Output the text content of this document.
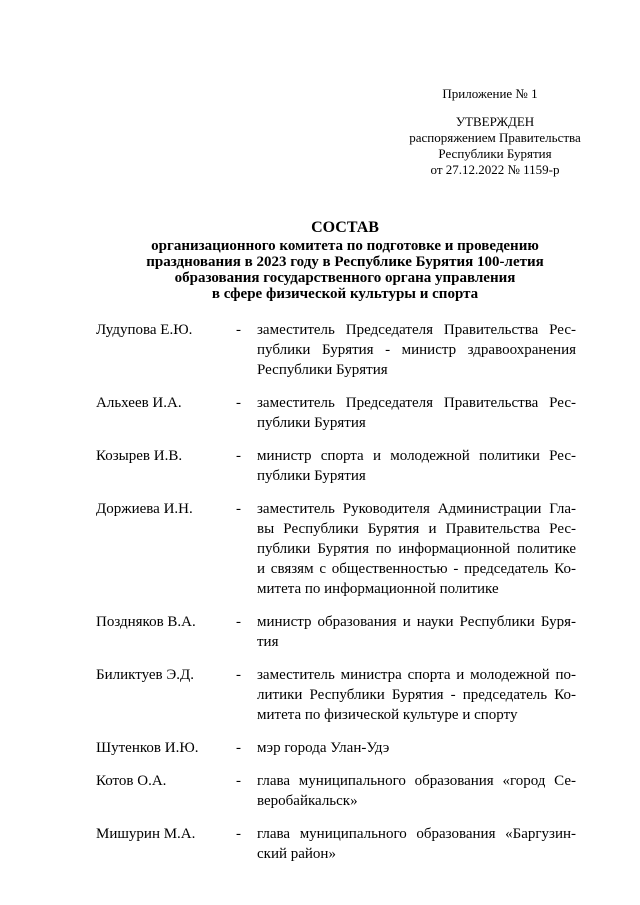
Приложение № 1
УТВЕРЖДЕН
распоряжением Правительства
Республики Бурятия
от 27.12.2022 № 1159-р
СОСТАВ
организационного комитета по подготовке и проведению
празднования в 2023 году в Республике Бурятия 100-летия
образования государственного органа управления
в сфере физической культуры и спорта
Лудупова Е.Ю.	-	заместитель Председателя Правительства Рес-
публики Бурятия - министр здравоохранения
Республики Бурятия
Альхеев И.А.	-	заместитель Председателя Правительства Рес-
публики Бурятия
Козырев И.В.	-	министр спорта и молодежной политики Рес-
публики Бурятия
Доржиева И.Н.	-	заместитель Руководителя Администрации Гла-
вы Республики Бурятия и Правительства Рес-
публики Бурятия по информационной политике
и связям с общественностью - председатель Ко-
митета по информационной политике
Поздняков В.А.	-	министр образования и науки Республики Буря-
тия
Биликтуев Э.Д.	-	заместитель министра спорта и молодежной по-
литики Республики Бурятия - председатель Ко-
митета по физической культуре и спорту
Шутенков И.Ю.	-	мэр города Улан-Удэ
Котов О.А.	-	глава муниципального образования «город Се-
веробайкальск»
Мишурин М.А.	-	глава муниципального образования «Баргузин-
ский район»
